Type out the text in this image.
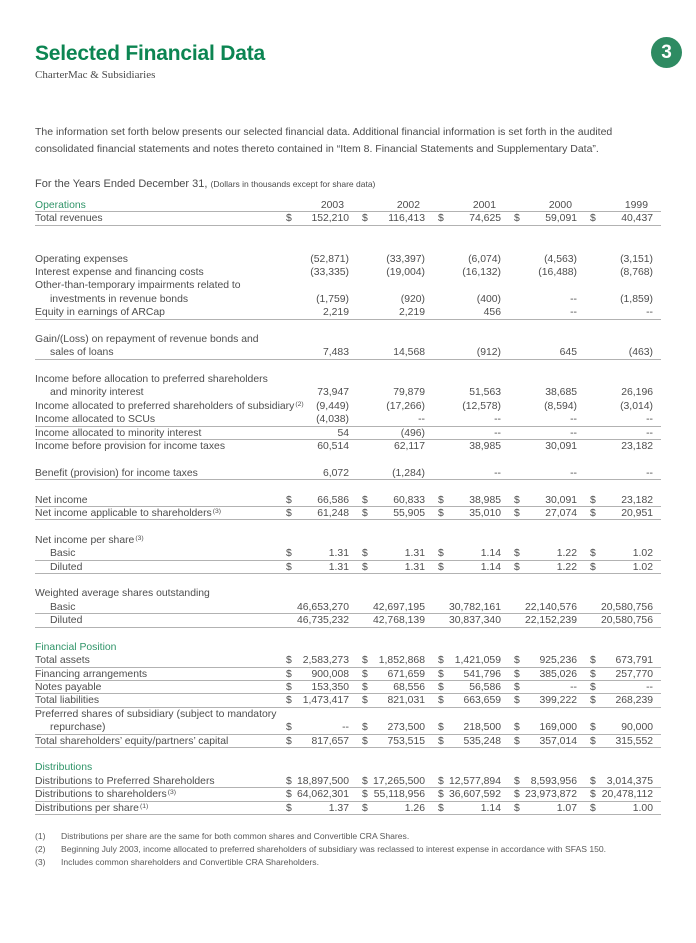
3
Selected Financial Data
CharterMac & Subsidiaries

The information set forth below presents our selected financial data. Additional financial information is set forth in the audited consolidated financial statements and notes thereto contained in “Item 8. Financial Statements and Supplementary Data”.

For the Years Ended December 31, (Dollars in thousands except for share data)
Operations	2003	2002	2001	2000	1999
Total revenues	$ 152,210	$ 116,413	$ 74,625	$ 59,091	$ 40,437
Operating expenses	(52,871)	(33,397)	(6,074)	(4,563)	(3,151)
Interest expense and financing costs	(33,335)	(19,004)	(16,132)	(16,488)	(8,768)
Other-than-temporary impairments related to
investments in revenue bonds	(1,759)	(920)	(400)	--	(1,859)
Equity in earnings of ARCap	2,219	2,219	456	--	--
Gain/(Loss) on repayment of revenue bonds and
sales of loans	7,483	14,568	(912)	645	(463)
Income before allocation to preferred shareholders
and minority interest	73,947	79,879	51,563	38,685	26,196
Income allocated to preferred shareholders of subsidiary$^{(2)}$	(9,449)	(17,266)	(12,578)	(8,594)	(3,014)
Income allocated to SCUs	(4,038)	--	--	--	--
Income allocated to minority interest	54	(496)	--	--	--
Income before provision for income taxes	60,514	62,117	38,985	30,091	23,182
Benefit (provision) for income taxes	6,072	(1,284)	--	--	--
Net income	$ 66,586	$ 60,833	$ 38,985	$ 30,091	$ 23,182
Net income applicable to shareholders$^{(3)}$	$ 61,248	$ 55,905	$ 35,010	$ 27,074	$ 20,951
Net income per share$^{(3)}$
Basic	$	1.31	$	1.31	$	1.14	$	1.22	$	1.02
Diluted	$	1.31	$	1.31	$	1.14	$	1.22	$	1.02
Weighted average shares outstanding
Basic	46,653,270	42,697,195	30,782,161	22,140,576	20,580,756
Diluted	46,735,232	42,768,139	30,837,340	22,152,239	20,580,756
Financial Position
Total assets	$ 2,583,273	$ 1,852,868	$ 1,421,059	$ 925,236	$ 673,791
Financing arrangements	$ 900,008	$ 671,659	$ 541,796	$ 385,026	$ 257,770
Notes payable	$ 153,350	$ 68,556	$ 56,586	$	--	$	--
Total liabilities	$ 1,473,417	$ 821,031	$ 663,659	$ 399,222	$ 268,239
Preferred shares of subsidiary (subject to mandatory
repurchase)	$	--	$ 273,500	$ 218,500	$ 169,000	$ 90,000
Total shareholders’ equity/partners’ capital	$ 817,657	$ 753,515	$ 535,248	$ 357,014	$ 315,552
Distributions
Distributions to Preferred Shareholders	$ 18,897,500	$ 17,265,500	$ 12,577,894	$ 8,593,956	$ 3,014,375
Distributions to shareholders$^{(3)}$	$ 64,062,301	$ 55,118,956	$ 36,607,592	$ 23,973,872	$ 20,478,112
Distributions per share$^{(1)}$	$	1.37	$	1.26	$	1.14	$	1.07	$	1.00
(1)	Distributions per share are the same for both common shares and Convertible CRA Shares.
(2)	Beginning July 2003, income allocated to preferred shareholders of subsidiary was reclassed to interest expense in accordance with SFAS 150.
(3)	Includes common shareholders and Convertible CRA Shareholders.
